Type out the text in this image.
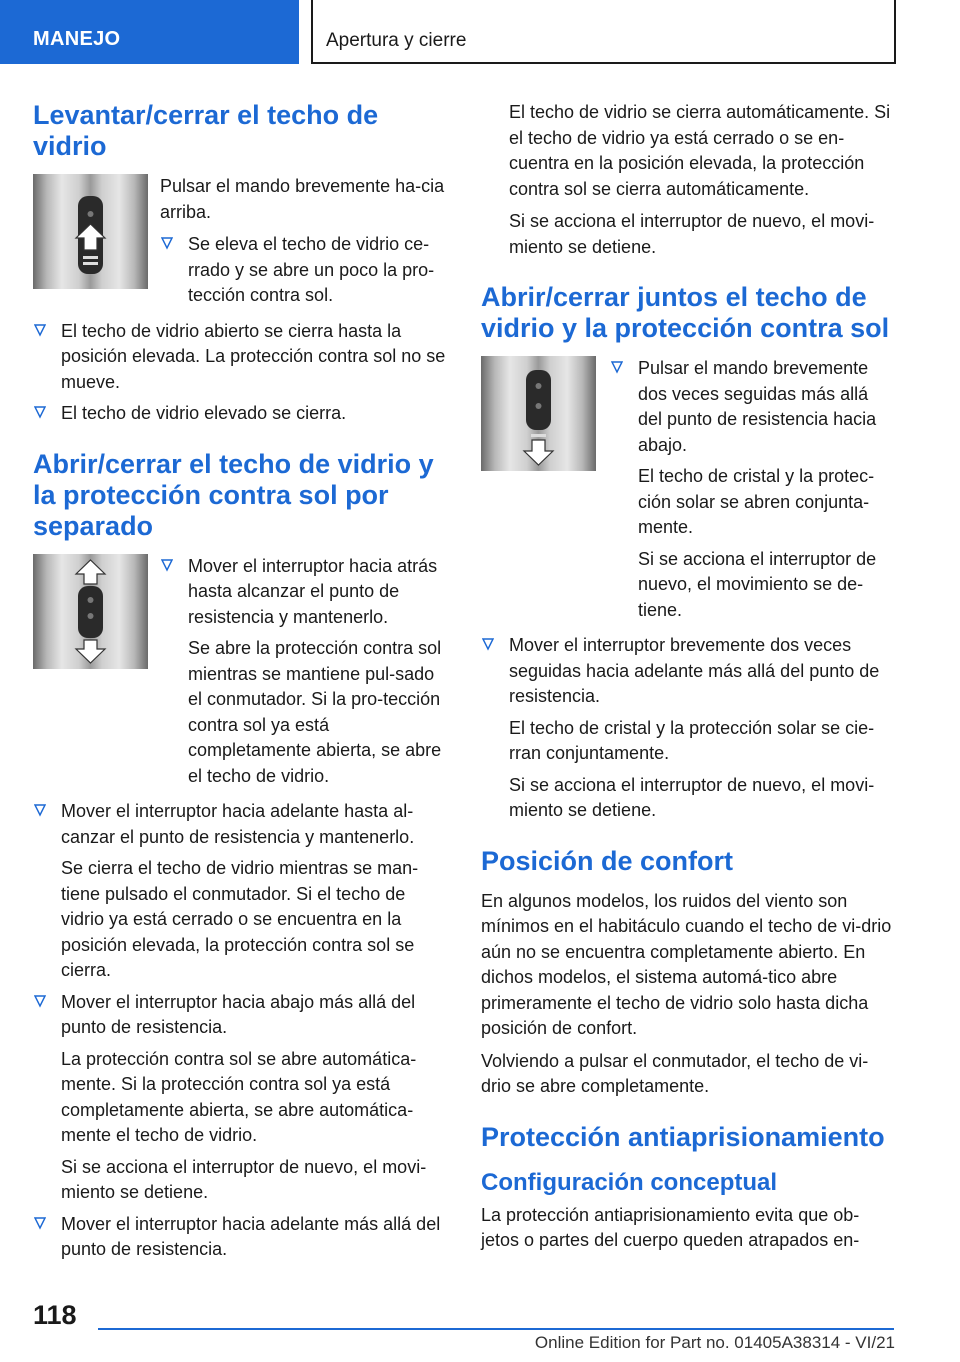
MANEJO	Apertura y cierre
Levantar/cerrar el techo de vidrio

Pulsar el mando brevemente ha-cia arriba.

Se eleva el techo de vidrio ce-rrado y se abre un poco la pro-tección contra sol.

El techo de vidrio abierto se cierra hasta la posición elevada. La protección contra sol no se mueve.

El techo de vidrio elevado se cierra.

Abrir/cerrar el techo de vidrio y la protección contra sol por separado

Mover el interruptor hacia atrás hasta alcanzar el punto de resistencia y mantenerlo.

Se abre la protección contra sol mientras se mantiene pul-sado el conmutador. Si la pro-tección contra sol ya está completamente abierta, se abre el techo de vidrio.

Mover el interruptor hacia adelante hasta al-canzar el punto de resistencia y mantenerlo.

Se cierra el techo de vidrio mientras se man-tiene pulsado el conmutador. Si el techo de vidrio ya está cerrado o se encuentra en la posición elevada, la protección contra sol se cierra.

Mover el interruptor hacia abajo más allá del punto de resistencia.

La protección contra sol se abre automática-mente. Si la protección contra sol ya está completamente abierta, se abre automática-mente el techo de vidrio.

Si se acciona el interruptor de nuevo, el movi-miento se detiene.

Mover el interruptor hacia adelante más allá del punto de resistencia.

El techo de vidrio se cierra automáticamente. Si el techo de vidrio ya está cerrado o se en-cuentra en la posición elevada, la protección contra sol se cierra automáticamente.

Si se acciona el interruptor de nuevo, el movi-miento se detiene.

Abrir/cerrar juntos el techo de vidrio y la protección contra sol

Pulsar el mando brevemente dos veces seguidas más allá del punto de resistencia hacia abajo.

El techo de cristal y la protec-ción solar se abren conjunta-mente.

Si se acciona el interruptor de nuevo, el movimiento se de-tiene.

Mover el interruptor brevemente dos veces seguidas hacia adelante más allá del punto de resistencia.

El techo de cristal y la protección solar se cie-rran conjuntamente.

Si se acciona el interruptor de nuevo, el movi-miento se detiene.

Posición de confort

En algunos modelos, los ruidos del viento son mínimos en el habitáculo cuando el techo de vi-drio aún no se encuentra completamente abierto. En dichos modelos, el sistema automá-tico abre primeramente el techo de vidrio solo hasta dicha posición de confort.

Volviendo a pulsar el conmutador, el techo de vi-drio se abre completamente.

Protección antiaprisionamiento
Configuración conceptual

La protección antiaprisionamiento evita que ob-jetos o partes del cuerpo queden atrapados en-

118
Online Edition for Part no. 01405A38314 - VI/21
